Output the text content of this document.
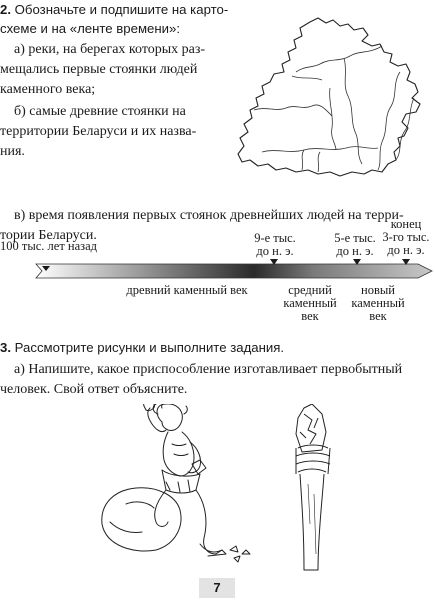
2. Обозначьте и подпишите на карто-
схеме и на «ленте времени»:
а) реки, на берегах которых раз-
мещались первые стоянки людей
каменного века;
б) самые древние стоянки на
территории Беларуси и их назва-
ния.
в) время появления первых стоянок древнейших людей на терри-
тории Беларуси.
100 тыс. лет назад
9-е тыс.
до н. э.
5-е тыс.
до н. э.
конец
3-го тыс.
до н. э.
древний каменный век	средний
каменный
век
новый
каменный
век
3. Рассмотрите рисунки и выполните задания.
а) Напишите, какое приспособление изготавливает первобытный
человек. Свой ответ объясните.
7
